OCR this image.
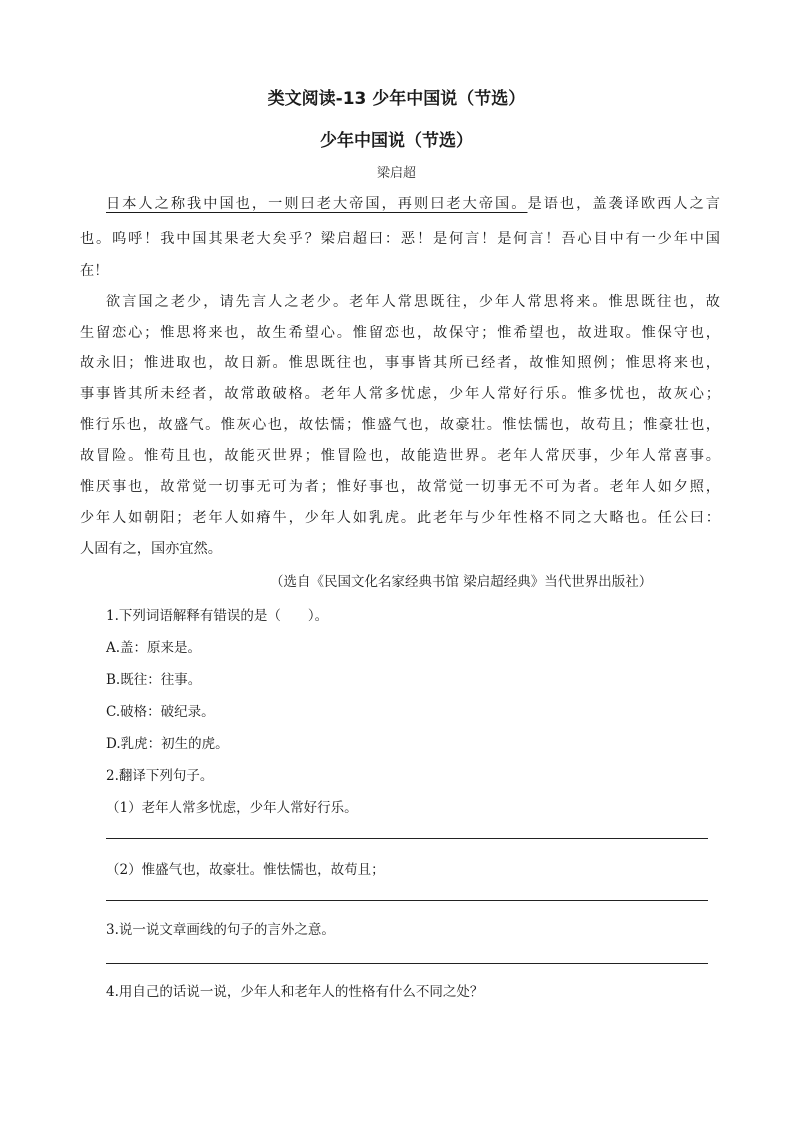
类文阅读-13 少年中国说（节选）
少年中国说（节选）
梁启超
日本人之称我中国也，一则曰老大帝国，再则曰老大帝国。是语也，盖袭译欧西人之言
也。呜呼！我中国其果老大矣乎？梁启超曰：恶！是何言！是何言！吾心目中有一少年中国
在！
欲言国之老少，请先言人之老少。老年人常思既往，少年人常思将来。惟思既往也，故
生留恋心；惟思将来也，故生希望心。惟留恋也，故保守；惟希望也，故进取。惟保守也，
故永旧；惟进取也，故日新。惟思既往也，事事皆其所已经者，故惟知照例；惟思将来也，
事事皆其所未经者，故常敢破格。老年人常多忧虑，少年人常好行乐。惟多忧也，故灰心；
惟行乐也，故盛气。惟灰心也，故怯懦；惟盛气也，故豪壮。惟怯懦也，故苟且；惟豪壮也，
故冒险。惟苟且也，故能灭世界；惟冒险也，故能造世界。老年人常厌事，少年人常喜事。
惟厌事也，故常觉一切事无可为者；惟好事也，故常觉一切事无不可为者。老年人如夕照，
少年人如朝阳；老年人如瘠牛，少年人如乳虎。此老年与少年性格不同之大略也。任公曰：
人固有之，国亦宜然。
（选自《民国文化名家经典书馆 梁启超经典》当代世界出版社）
1.下列词语解释有错误的是（　　）。
A.盖：原来是。
B.既往：往事。
C.破格：破纪录。
D.乳虎：初生的虎。
2.翻译下列句子。
（1）老年人常多忧虑，少年人常好行乐。
（2）惟盛气也，故豪壮。惟怯懦也，故苟且；
3.说一说文章画线的句子的言外之意。
4.用自己的话说一说，少年人和老年人的性格有什么不同之处？
